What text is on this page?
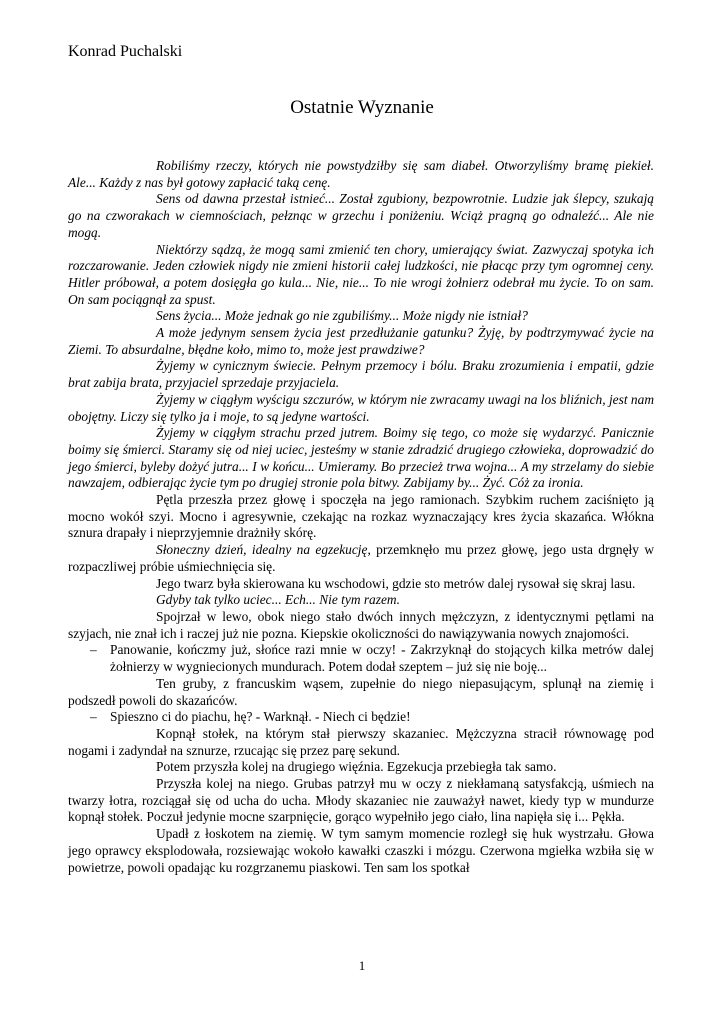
Konrad Puchalski
Ostatnie Wyznanie

Robiliśmy rzeczy, których nie powstydziłby się sam diabeł. Otworzyliśmy bramę piekieł. Ale... Każdy z nas był gotowy zapłacić taką cenę.

Sens od dawna przestał istnieć... Został zgubiony, bezpowrotnie. Ludzie jak ślepcy, szukają go na czworakach w ciemnościach, pełznąc w grzechu i poniżeniu. Wciąż pragną go odnaleźć... Ale nie mogą.

Niektórzy sądzą, że mogą sami zmienić ten chory, umierający świat. Zazwyczaj spotyka ich rozczarowanie. Jeden człowiek nigdy nie zmieni historii całej ludzkości, nie płacąc przy tym ogromnej ceny. Hitler próbował, a potem dosięgła go kula... Nie, nie... To nie wrogi żołnierz odebrał mu życie. To on sam. On sam pociągnął za spust.

Sens życia... Może jednak go nie zgubiliśmy... Może nigdy nie istniał?

A może jedynym sensem życia jest przedłużanie gatunku? Żyję, by podtrzymywać życie na Ziemi. To absurdalne, błędne koło, mimo to, może jest prawdziwe?

Żyjemy w cynicznym świecie. Pełnym przemocy i bólu. Braku zrozumienia i empatii, gdzie brat zabija brata, przyjaciel sprzedaje przyjaciela.

Żyjemy w ciągłym wyścigu szczurów, w którym nie zwracamy uwagi na los bliźnich, jest nam obojętny. Liczy się tylko ja i moje, to są jedyne wartości.

Żyjemy w ciągłym strachu przed jutrem. Boimy się tego, co może się wydarzyć. Panicznie boimy się śmierci. Staramy się od niej uciec, jesteśmy w stanie zdradzić drugiego człowieka, doprowadzić do jego śmierci, byleby dożyć jutra... I w końcu... Umieramy. Bo przecież trwa wojna... A my strzelamy do siebie nawzajem, odbierając życie tym po drugiej stronie pola bitwy. Zabijamy by... Żyć. Cóż za ironia.

Pętla przeszła przez głowę i spoczęła na jego ramionach. Szybkim ruchem zaciśnięto ją mocno wokół szyi. Mocno i agresywnie, czekając na rozkaz wyznaczający kres życia skazańca. Włókna sznura drapały i nieprzyjemnie drażniły skórę.

Słoneczny dzień, idealny na egzekucję, przemknęło mu przez głowę, jego usta drgnęły w rozpaczliwej próbie uśmiechnięcia się.

Jego twarz była skierowana ku wschodowi, gdzie sto metrów dalej rysował się skraj lasu.

Gdyby tak tylko uciec... Ech... Nie tym razem.

Spojrzał w lewo, obok niego stało dwóch innych mężczyzn, z identycznymi pętlami na szyjach, nie znał ich i raczej już nie pozna. Kiepskie okoliczności do nawiązywania nowych znajomości.

– Panowanie, kończmy już, słońce razi mnie w oczy! - Zakrzyknął do stojących kilka metrów dalej żołnierzy w wygniecionych mundurach. Potem dodał szeptem – już się nie boję...

Ten gruby, z francuskim wąsem, zupełnie do niego niepasującym, splunął na ziemię i podszedł powoli do skazańców.

– Spieszno ci do piachu, hę? - Warknął. - Niech ci będzie!

Kopnął stołek, na którym stał pierwszy skazaniec. Mężczyzna stracił równowagę pod nogami i zadyndał na sznurze, rzucając się przez parę sekund.

Potem przyszła kolej na drugiego więźnia. Egzekucja przebiegła tak samo.

Przyszła kolej na niego. Grubas patrzył mu w oczy z niekłamaną satysfakcją, uśmiech na twarzy łotra, rozciągał się od ucha do ucha. Młody skazaniec nie zauważył nawet, kiedy typ w mundurze kopnął stołek. Poczuł jedynie mocne szarpnięcie, gorąco wypełniło jego ciało, lina napięła się i... Pękła.

Upadł z łoskotem na ziemię. W tym samym momencie rozległ się huk wystrzału. Głowa jego oprawcy eksplodowała, rozsiewając wokoło kawałki czaszki i mózgu. Czerwona mgiełka wzbiła się w powietrze, powoli opadając ku rozgrzanemu piaskowi. Ten sam los spotkał

1
